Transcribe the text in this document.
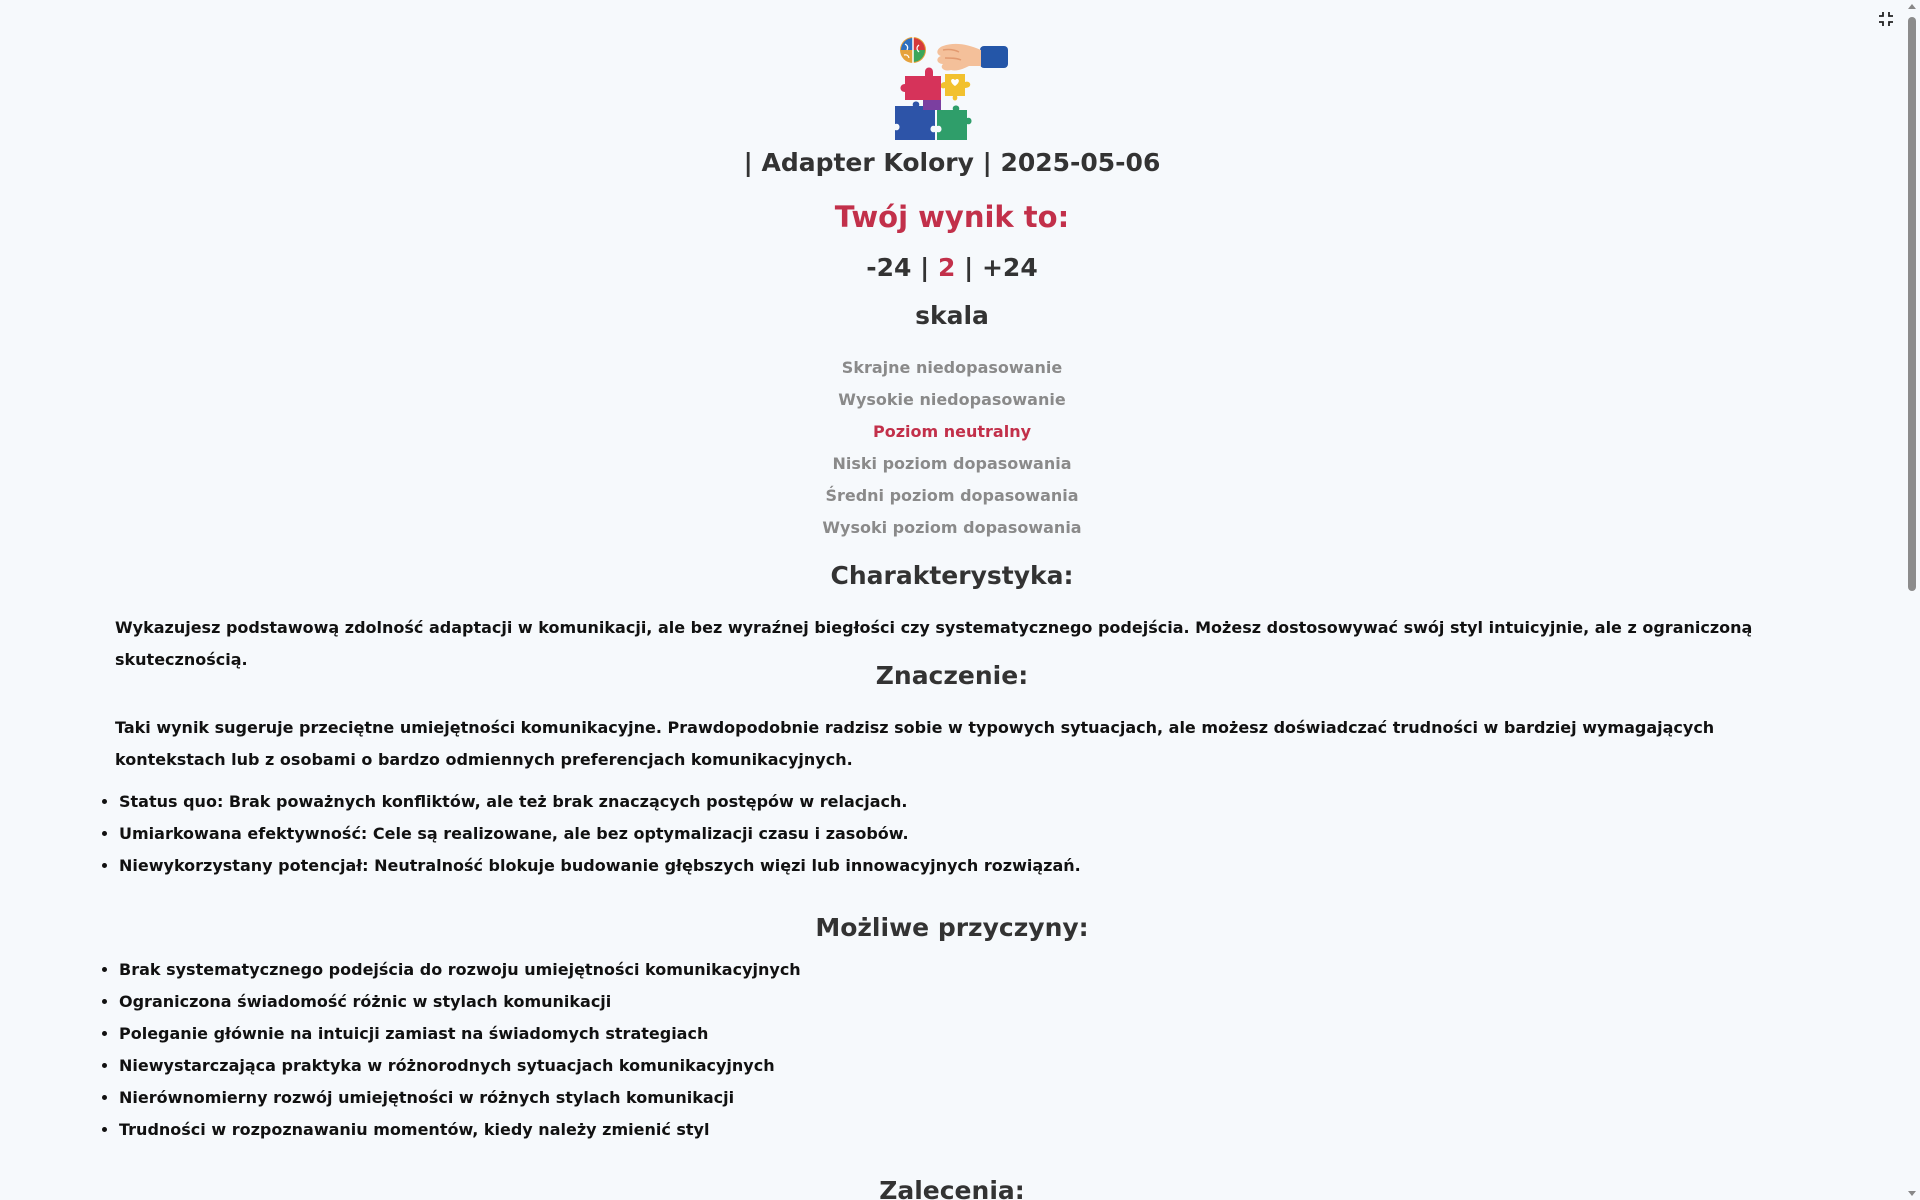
| Adapter Kolory | 2025-05-06
Twój wynik to:
-24 | 2 | +24
skala
Skrajne niedopasowanie
Wysokie niedopasowanie
Poziom neutralny
Niski poziom dopasowania
Średni poziom dopasowania
Wysoki poziom dopasowania
Charakterystyka:
Wykazujesz podstawową zdolność adaptacji w komunikacji, ale bez wyraźnej biegłości czy systematycznego podejścia. Możesz dostosowywać swój styl intuicyjnie, ale z ograniczoną skutecznością.
Znaczenie:
Taki wynik sugeruje przeciętne umiejętności komunikacyjne. Prawdopodobnie radzisz sobie w typowych sytuacjach, ale możesz doświadczać trudności w bardziej wymagających kontekstach lub z osobami o bardzo odmiennych preferencjach komunikacyjnych.
• Status quo: Brak poważnych konfliktów, ale też brak znaczących postępów w relacjach.
• Umiarkowana efektywność: Cele są realizowane, ale bez optymalizacji czasu i zasobów.
• Niewykorzystany potencjał: Neutralność blokuje budowanie głębszych więzi lub innowacyjnych rozwiązań.
Możliwe przyczyny:
• Brak systematycznego podejścia do rozwoju umiejętności komunikacyjnych
• Ograniczona świadomość różnic w stylach komunikacji
• Poleganie głównie na intuicji zamiast na świadomych strategiach
• Niewystarczająca praktyka w różnorodnych sytuacjach komunikacyjnych
• Nierównomierny rozwój umiejętności w różnych stylach komunikacji
• Trudności w rozpoznawaniu momentów, kiedy należy zmienić styl
Zalecenia:
